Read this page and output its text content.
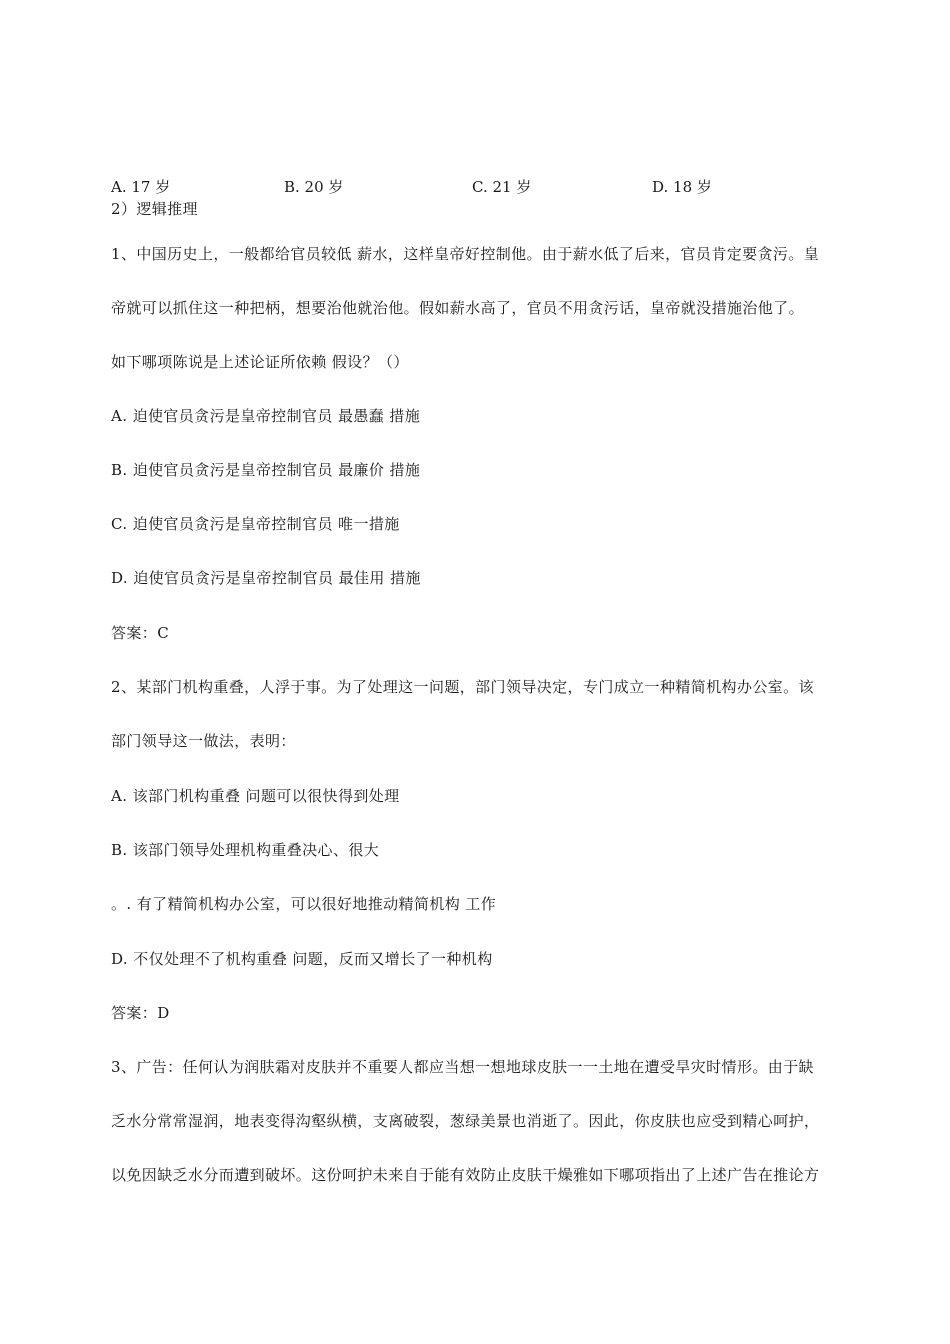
A. 17 岁	B. 20 岁	C. 21 岁	D. 18 岁
2）逻辑推理
1、中国历史上，一般都给官员较低 薪水，这样皇帝好控制他。由于薪水低了后来，官员肯定要贪污。皇
帝就可以抓住这一种把柄，想要治他就治他。假如薪水高了，官员不用贪污话，皇帝就没措施治他了。
如下哪项陈说是上述论证所依赖 假设？（）
A. 迫使官员贪污是皇帝控制官员 最愚蠢 措施
B. 迫使官员贪污是皇帝控制官员 最廉价 措施
C. 迫使官员贪污是皇帝控制官员 唯一措施
D. 迫使官员贪污是皇帝控制官员 最佳用 措施
答案：C
2、某部门机构重叠，人浮于事。为了处理这一问题，部门领导决定，专门成立一种精简机构办公室。该
部门领导这一做法，表明：
A. 该部门机构重叠 问题可以很快得到处理
B. 该部门领导处理机构重叠决心、很大
。. 有了精简机构办公室，可以很好地推动精简机构 工作
D. 不仅处理不了机构重叠 问题，反而又增长了一种机构
答案：D
3、广告：任何认为润肤霜对皮肤并不重要人都应当想一想地球皮肤一一土地在遭受旱灾时情形。由于缺
乏水分常常湿润，地表变得沟壑纵横，支离破裂，葱绿美景也消逝了。因此，你皮肤也应受到精心呵护，
以免因缺乏水分而遭到破坏。这份呵护未来自于能有效防止皮肤干燥雅如下哪项指出了上述广告在推论方
